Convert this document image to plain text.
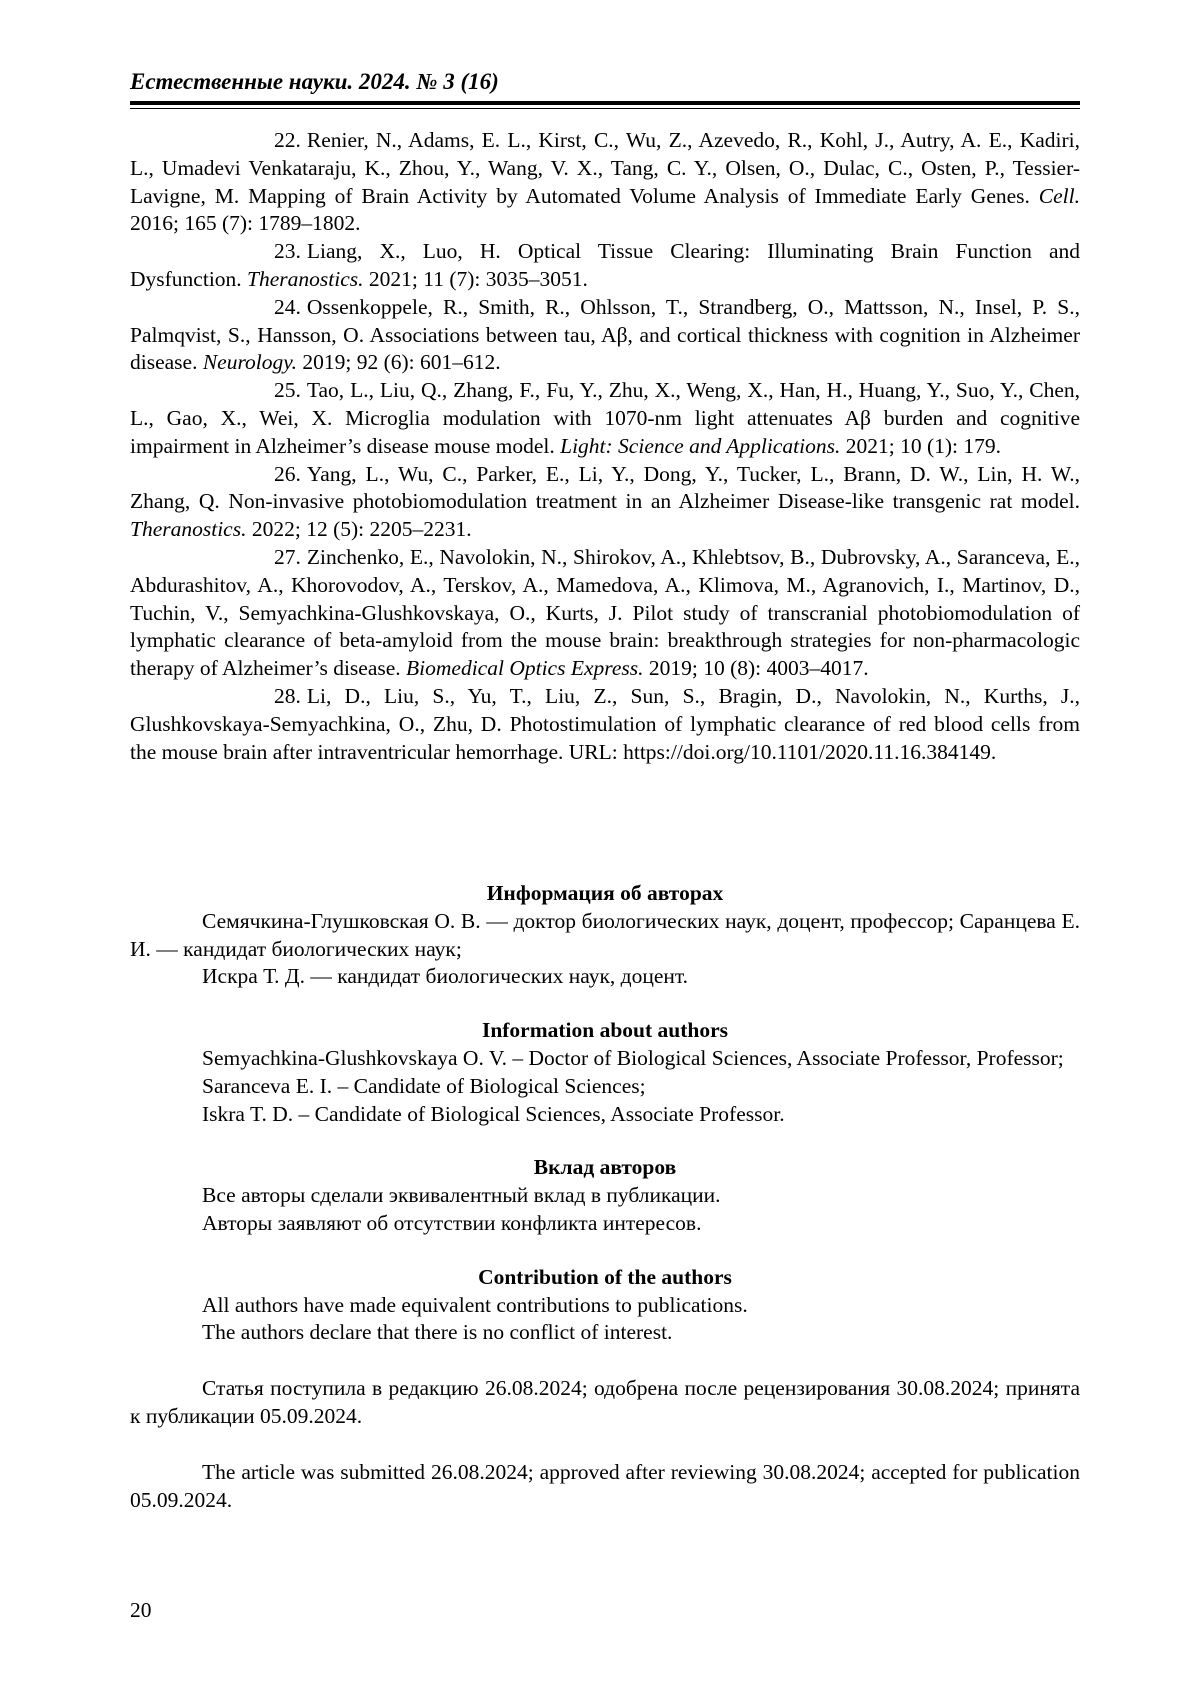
Естественные науки. 2024. № 3 (16)

22. Renier, N., Adams, E. L., Kirst, C., Wu, Z., Azevedo, R., Kohl, J., Autry, A. E., Kadiri, L., Umadevi Venkataraju, K., Zhou, Y., Wang, V. X., Tang, C. Y., Olsen, O., Dulac, C., Osten, P., Tessier-Lavigne, M. Mapping of Brain Activity by Automated Volume Analysis of Immediate Early Genes. Cell. 2016; 165 (7): 1789–1802.

23. Liang, X., Luo, H. Optical Tissue Clearing: Illuminating Brain Function and Dysfunction. Theranostics. 2021; 11 (7): 3035–3051.

24. Ossenkoppele, R., Smith, R., Ohlsson, T., Strandberg, O., Mattsson, N., Insel, P. S., Palmqvist, S., Hansson, O. Associations between tau, Aβ, and cortical thickness with cognition in Alzheimer disease. Neurology. 2019; 92 (6): 601–612.

25. Tao, L., Liu, Q., Zhang, F., Fu, Y., Zhu, X., Weng, X., Han, H., Huang, Y., Suo, Y., Chen, L., Gao, X., Wei, X. Microglia modulation with 1070-nm light attenuates Aβ burden and cognitive impairment in Alzheimer’s disease mouse model. Light: Science and Applications. 2021; 10 (1): 179.

26. Yang, L., Wu, C., Parker, E., Li, Y., Dong, Y., Tucker, L., Brann, D. W., Lin, H. W., Zhang, Q. Non-invasive photobiomodulation treatment in an Alzheimer Disease-like transgenic rat model. Theranostics. 2022; 12 (5): 2205–2231.

27. Zinchenko, E., Navolokin, N., Shirokov, A., Khlebtsov, B., Dubrovsky, A., Saranceva, E., Abdurashitov, A., Khorovodov, A., Terskov, A., Mamedova, A., Klimova, M., Agranovich, I., Martinov, D., Tuchin, V., Semyachkina-Glushkovskaya, O., Kurts, J. Pilot study of transcranial photobiomodulation of lymphatic clearance of beta-amyloid from the mouse brain: breakthrough strategies for non-pharmacologic therapy of Alzheimer’s disease. Biomedical Optics Express. 2019; 10 (8): 4003–4017.

28. Li, D., Liu, S., Yu, T., Liu, Z., Sun, S., Bragin, D., Navolokin, N., Kurths, J., Glushkovskaya-Semyachkina, O., Zhu, D. Photostimulation of lymphatic clearance of red blood cells from the mouse brain after intraventricular hemorrhage. URL: https://doi.org/10.1101/2020.11.16.384149.

Информация об авторах

Семячкина-Глушковская О. В. — доктор биологических наук, доцент, профессор; Саранцева Е. И. — кандидат биологических наук;

Искра Т. Д. — кандидат биологических наук, доцент.

Information about authors

Semyachkina-Glushkovskaya O. V. – Doctor of Biological Sciences, Associate Professor, Professor;

Saranceva E. I. – Candidate of Biological Sciences;

Iskra T. D. – Candidate of Biological Sciences, Associate Professor.

Вклад авторов

Все авторы сделали эквивалентный вклад в публикации.

Авторы заявляют об отсутствии конфликта интересов.

Contribution of the authors

All authors have made equivalent contributions to publications.

The authors declare that there is no conflict of interest.

Статья поступила в редакцию 26.08.2024; одобрена после рецензирования 30.08.2024; принята к публикации 05.09.2024.

The article was submitted 26.08.2024; approved after reviewing 30.08.2024; accepted for publication 05.09.2024.

20
